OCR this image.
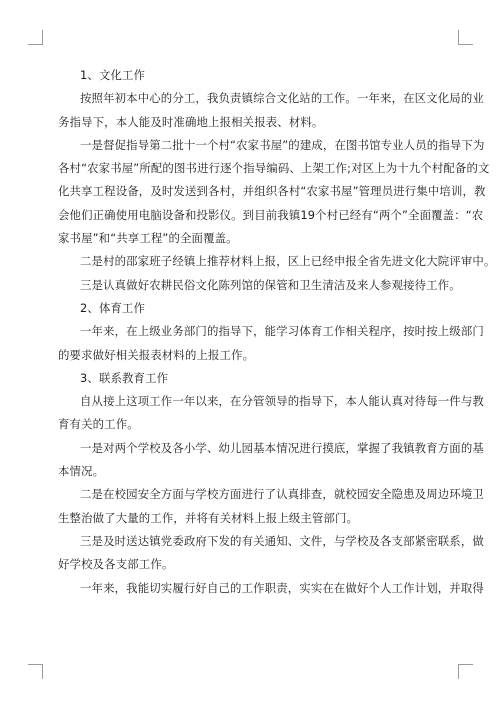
1、文化工作
按照年初本中心的分工，我负责镇综合文化站的工作。一年来，在区文化局的业
务指导下，本人能及时准确地上报相关报表、材料。
一是督促指导第二批十一个村“农家书屋”的建成，在图书馆专业人员的指导下为
各村“农家书屋”所配的图书进行逐个指导编码、上架工作;对区上为十九个村配备的文
化共享工程设备，及时发送到各村，并组织各村“农家书屋”管理员进行集中培训，教
会他们正确使用电脑设备和投影仪。到目前我镇19个村已经有“两个”全面覆盖：“农
家书屋”和“共享工程”的全面覆盖。
二是村的邵家班子经镇上推荐材料上报，区上已经申报全省先进文化大院评审中。
三是认真做好农耕民俗文化陈列馆的保管和卫生清洁及来人参观接待工作。
2、体育工作
一年来，在上级业务部门的指导下，能学习体育工作相关程序，按时按上级部门
的要求做好相关报表材料的上报工作。
3、联系教育工作
自从接上这项工作一年以来，在分管领导的指导下，本人能认真对待每一件与教
育有关的工作。
一是对两个学校及各小学、幼儿园基本情况进行摸底，掌握了我镇教育方面的基
本情况。
二是在校园安全方面与学校方面进行了认真排查，就校园安全隐患及周边环境卫
生整治做了大量的工作，并将有关材料上报上级主管部门。
三是及时送达镇党委政府下发的有关通知、文件，与学校及各支部紧密联系，做
好学校及各支部工作。
一年来，我能切实履行好自己的工作职责，实实在在做好个人工作计划，并取得
